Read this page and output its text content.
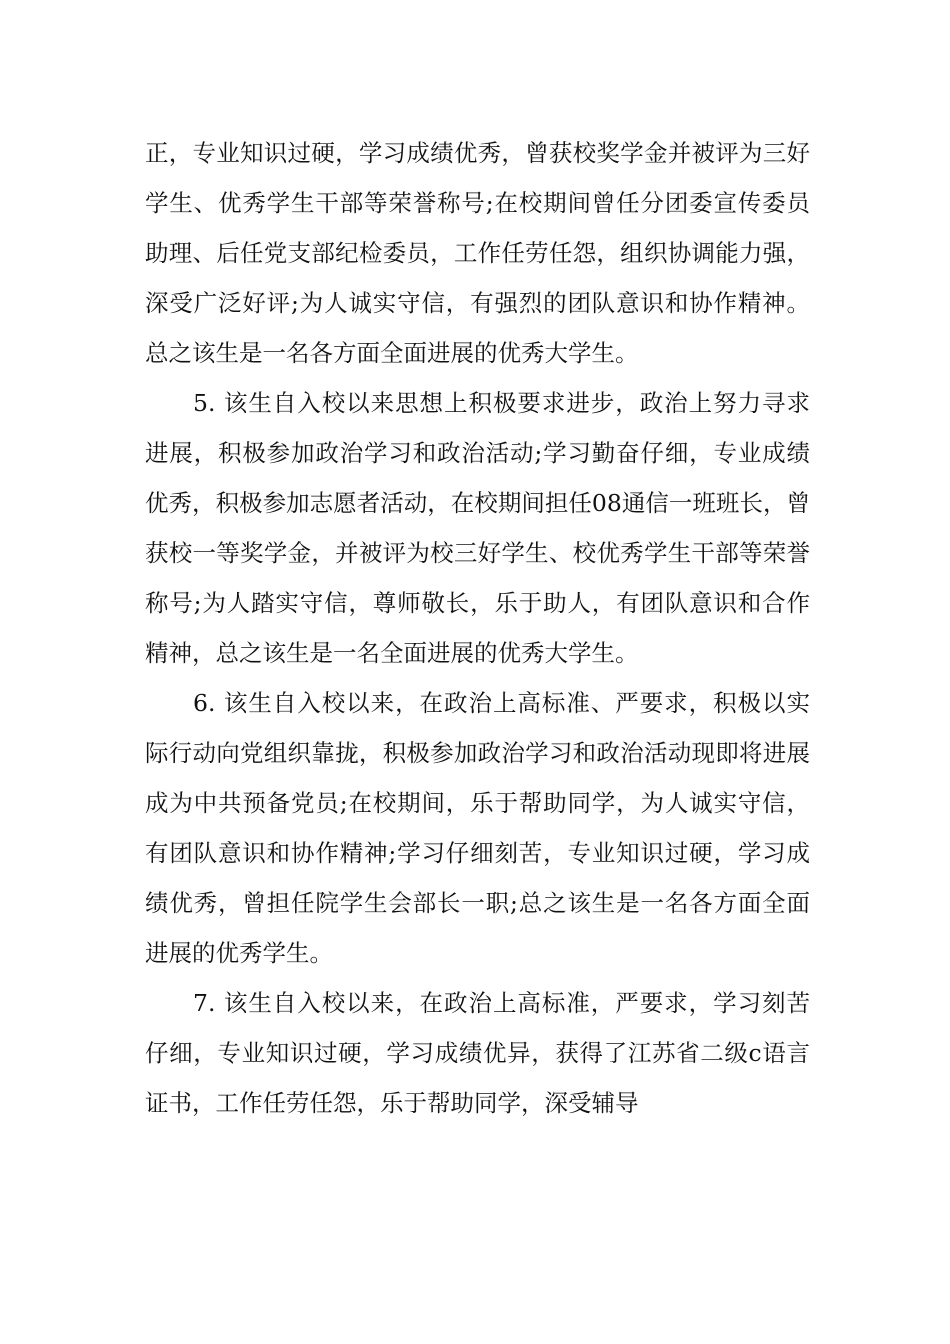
正，专业知识过硬，学习成绩优秀，曾获校奖学金并被评为三好学生、优秀学生干部等荣誉称号;在校期间曾任分团委宣传委员助理、后任党支部纪检委员，工作任劳任怨，组织协调能力强，深受广泛好评;为人诚实守信，有强烈的团队意识和协作精神。总之该生是一名各方面全面进展的优秀大学生。

5. 该生自入校以来思想上积极要求进步，政治上努力寻求进展，积极参加政治学习和政治活动;学习勤奋仔细，专业成绩优秀，积极参加志愿者活动，在校期间担任08通信一班班长，曾获校一等奖学金，并被评为校三好学生、校优秀学生干部等荣誉称号;为人踏实守信，尊师敬长，乐于助人，有团队意识和合作精神，总之该生是一名全面进展的优秀大学生。

6. 该生自入校以来，在政治上高标准、严要求，积极以实际行动向党组织靠拢，积极参加政治学习和政治活动现即将进展成为中共预备党员;在校期间，乐于帮助同学，为人诚实守信，有团队意识和协作精神;学习仔细刻苦，专业知识过硬，学习成绩优秀，曾担任院学生会部长一职;总之该生是一名各方面全面进展的优秀学生。

7. 该生自入校以来，在政治上高标准，严要求，学习刻苦仔细，专业知识过硬，学习成绩优异，获得了江苏省二级c语言证书，工作任劳任怨，乐于帮助同学，深受辅导
